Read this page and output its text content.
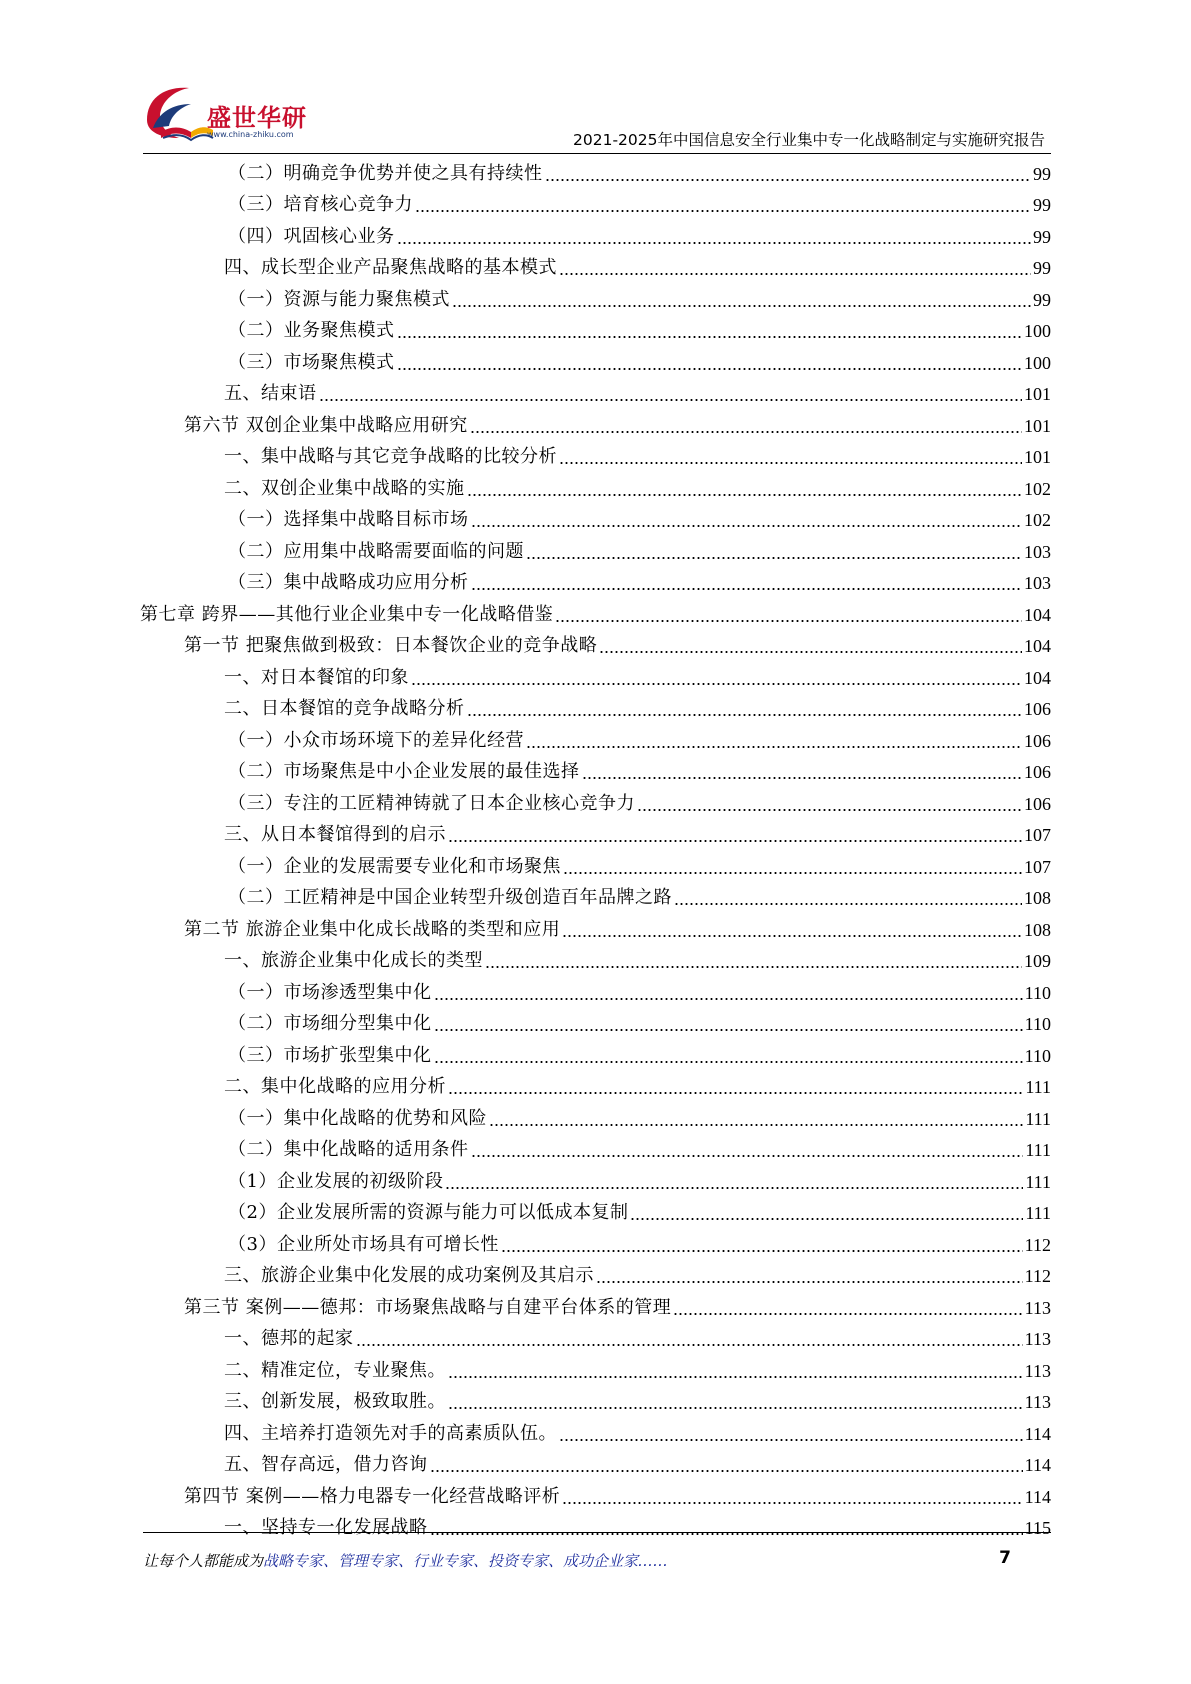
盛世华研
www.china-zhiku.com	2021-2025年中国信息安全行业集中专一化战略制定与实施研究报告
（二）明确竞争优势并使之具有持续性	99
（三）培育核心竞争力	99
（四）巩固核心业务	99
四、成长型企业产品聚焦战略的基本模式	99
（一）资源与能力聚焦模式	99
（二）业务聚焦模式	100
（三）市场聚焦模式	100
五、结束语	101
第六节 双创企业集中战略应用研究	101
一、集中战略与其它竞争战略的比较分析	101
二、双创企业集中战略的实施	102
（一）选择集中战略目标市场	102
（二）应用集中战略需要面临的问题	103
（三）集中战略成功应用分析	103
第七章 跨界——其他行业企业集中专一化战略借鉴	104
第一节 把聚焦做到极致：日本餐饮企业的竞争战略	104
一、对日本餐馆的印象	104
二、日本餐馆的竞争战略分析	106
（一）小众市场环境下的差异化经营	106
（二）市场聚焦是中小企业发展的最佳选择	106
（三）专注的工匠精神铸就了日本企业核心竞争力	106
三、从日本餐馆得到的启示	107
（一）企业的发展需要专业化和市场聚焦	107
（二）工匠精神是中国企业转型升级创造百年品牌之路	108
第二节 旅游企业集中化成长战略的类型和应用	108
一、旅游企业集中化成长的类型	109
（一）市场渗透型集中化	110
（二）市场细分型集中化	110
（三）市场扩张型集中化	110
二、集中化战略的应用分析	111
（一）集中化战略的优势和风险	111
（二）集中化战略的适用条件	111
（1）企业发展的初级阶段	111
（2）企业发展所需的资源与能力可以低成本复制	111
（3）企业所处市场具有可增长性	112
三、旅游企业集中化发展的成功案例及其启示	112
第三节 案例——德邦：市场聚焦战略与自建平台体系的管理	113
一、德邦的起家	113
二、精准定位，专业聚焦。	113
三、创新发展，极致取胜。	113
四、主培养打造领先对手的高素质队伍。	114
五、智存高远，借力咨询	114
第四节 案例——格力电器专一化经营战略评析	114
一、坚持专一化发展战略	115
让每个人都能成为战略专家、管理专家、行业专家、投资专家、成功企业家……	7
